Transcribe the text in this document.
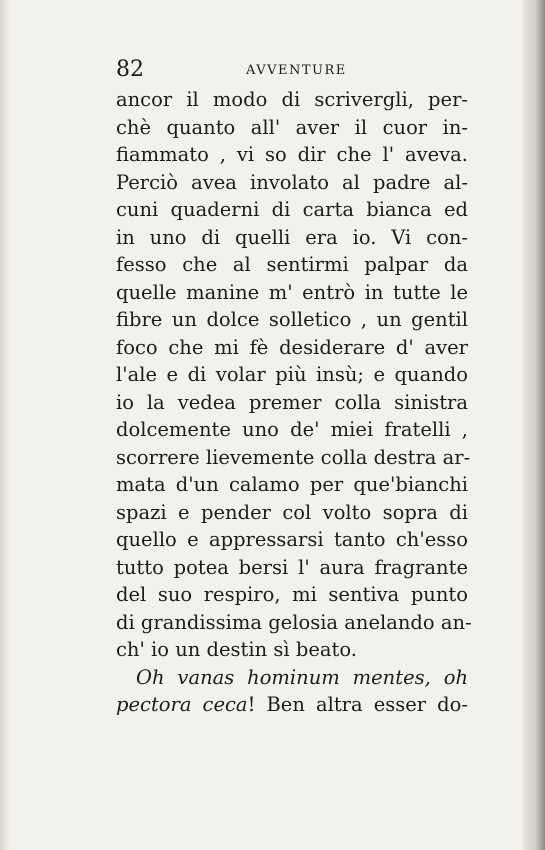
82	AVVENTURE
ancor il modo di scrivergli, per-
chè quanto all' aver il cuor in-
fiammato , vi so dir che l' aveva.
Perciò avea involato al padre al-
cuni quaderni di carta bianca ed
in uno di quelli era io. Vi con-
fesso che al sentirmi palpar da
quelle manine m' entrò in tutte le
fibre un dolce solletico , un gentil
foco che mi fè desiderare d' aver
l'ale e di volar più insù; e quando
io la vedea premer colla sinistra
dolcemente uno de' miei fratelli ,
scorrere lievemente colla destra ar-
mata d'un calamo per que'bianchi
spazi e pender col volto sopra di
quello e appressarsi tanto ch'esso
tutto potea bersi l' aura fragrante
del suo respiro, mi sentiva punto
di grandissima gelosia anelando an-
ch' io un destin sì beato.
Oh vanas hominum mentes, oh
pectora ceca! Ben altra esser do-
